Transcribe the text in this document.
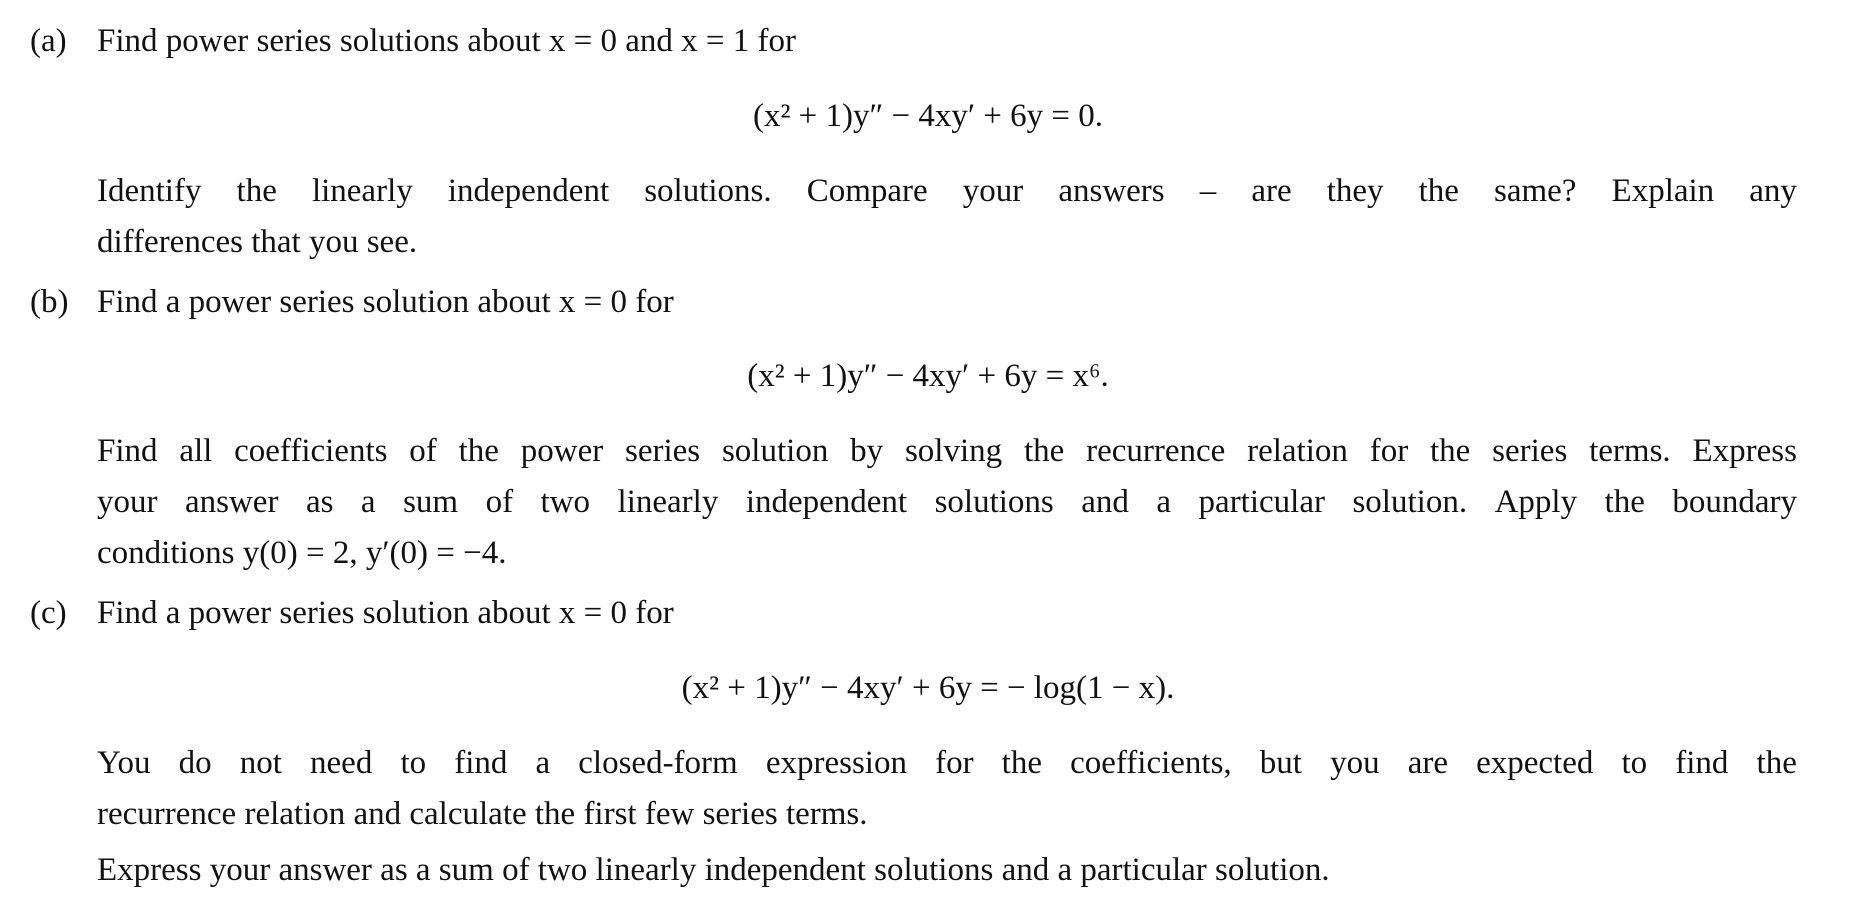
(a) Find power series solutions about x = 0 and x = 1 for
(x² + 1)y″ − 4xy′ + 6y = 0.
Identify the linearly independent solutions. Compare your answers – are they the same? Explain any
differences that you see.
(b) Find a power series solution about x = 0 for
(x² + 1)y″ − 4xy′ + 6y = x⁶.
Find all coefficients of the power series solution by solving the recurrence relation for the series terms. Express
your answer as a sum of two linearly independent solutions and a particular solution. Apply the boundary
conditions y(0) = 2, y′(0) = −4.
(c) Find a power series solution about x = 0 for
(x² + 1)y″ − 4xy′ + 6y = − log(1 − x).
You do not need to find a closed-form expression for the coefficients, but you are expected to find the
recurrence relation and calculate the first few series terms.
Express your answer as a sum of two linearly independent solutions and a particular solution.
